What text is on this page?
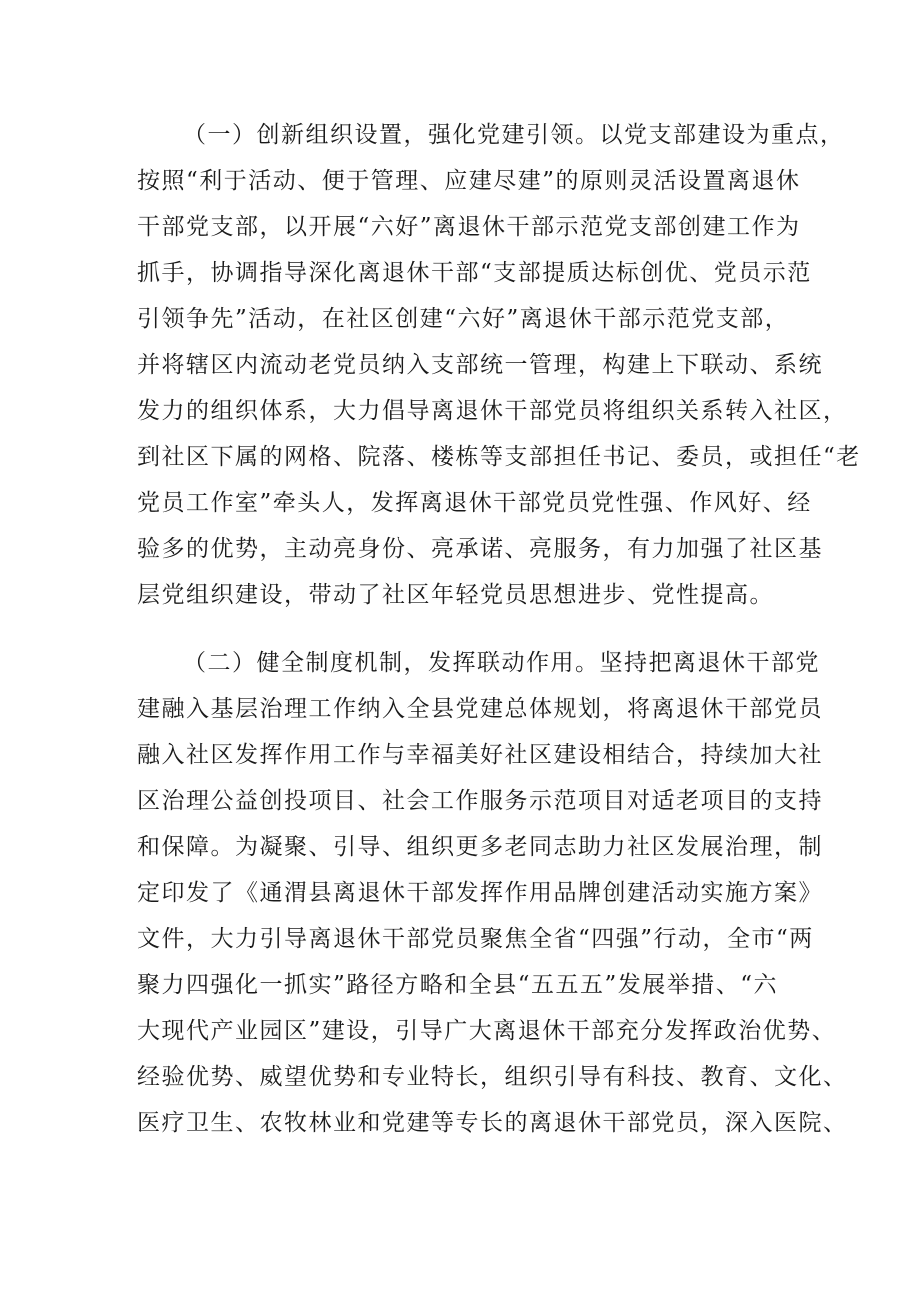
（一）创新组织设置，强化党建引领。以党支部建设为重点，
按照“利于活动、便于管理、应建尽建”的原则灵活设置离退休
干部党支部，以开展“六好”离退休干部示范党支部创建工作为
抓手，协调指导深化离退休干部“支部提质达标创优、党员示范
引领争先”活动，在社区创建“六好”离退休干部示范党支部，
并将辖区内流动老党员纳入支部统一管理，构建上下联动、系统
发力的组织体系，大力倡导离退休干部党员将组织关系转入社区，
到社区下属的网格、院落、楼栋等支部担任书记、委员，或担任“老
党员工作室”牵头人，发挥离退休干部党员党性强、作风好、经
验多的优势，主动亮身份、亮承诺、亮服务，有力加强了社区基
层党组织建设，带动了社区年轻党员思想进步、党性提高。
（二）健全制度机制，发挥联动作用。坚持把离退休干部党
建融入基层治理工作纳入全县党建总体规划，将离退休干部党员
融入社区发挥作用工作与幸福美好社区建设相结合，持续加大社
区治理公益创投项目、社会工作服务示范项目对适老项目的支持
和保障。为凝聚、引导、组织更多老同志助力社区发展治理，制
定印发了《通渭县离退休干部发挥作用品牌创建活动实施方案》
文件，大力引导离退休干部党员聚焦全省“四强”行动，全市“两
聚力四强化一抓实”路径方略和全县“五五五”发展举措、“六
大现代产业园区”建设，引导广大离退休干部充分发挥政治优势、
经验优势、威望优势和专业特长，组织引导有科技、教育、文化、
医疗卫生、农牧林业和党建等专长的离退休干部党员，深入医院、
